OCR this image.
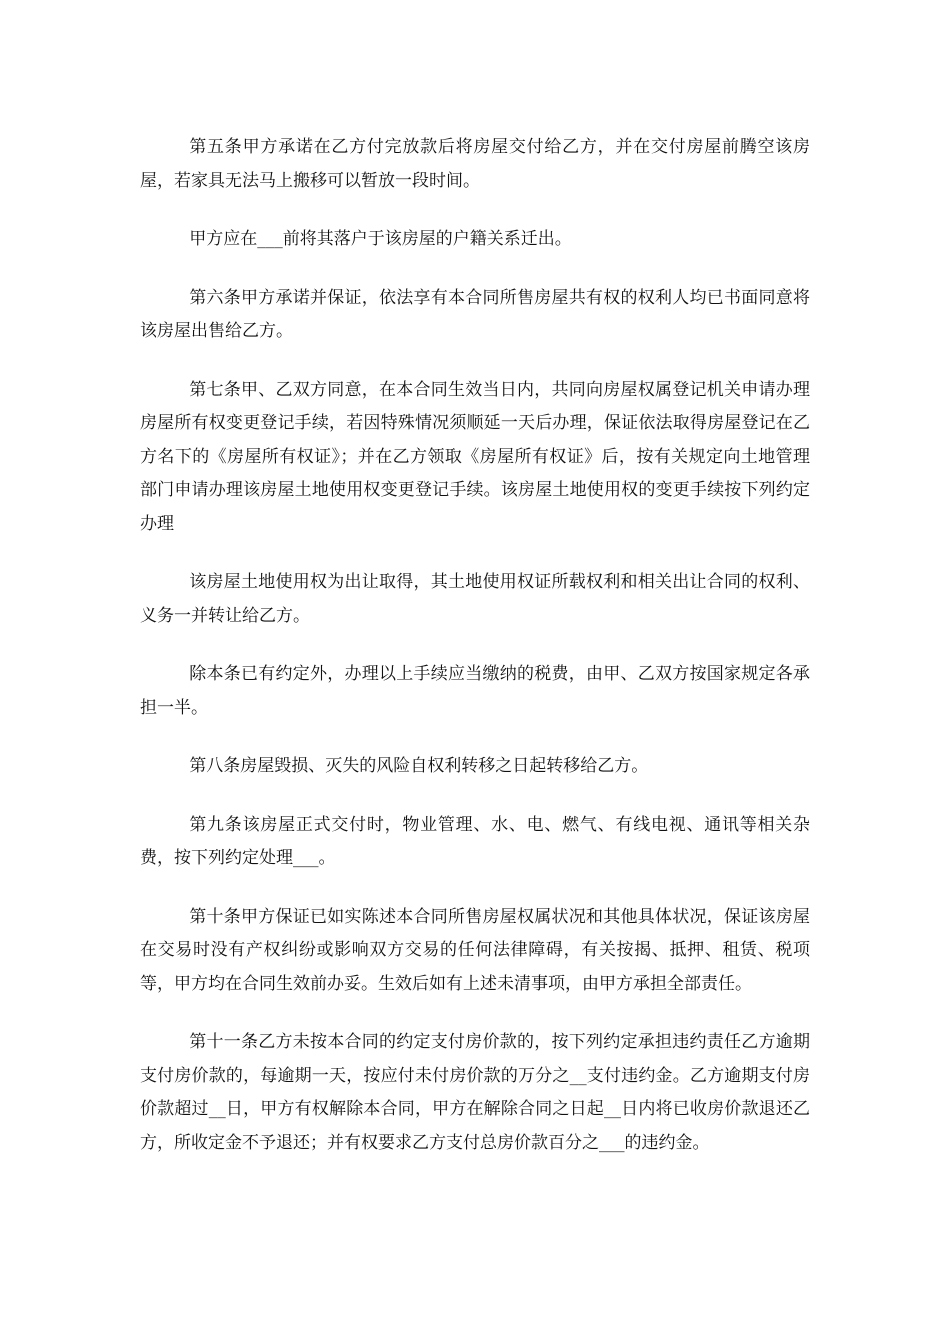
第五条甲方承诺在乙方付完放款后将房屋交付给乙方，并在交付房屋前腾空该房屋，若家具无法马上搬移可以暂放一段时间。

甲方应在___前将其落户于该房屋的户籍关系迁出。

第六条甲方承诺并保证，依法享有本合同所售房屋共有权的权利人均已书面同意将该房屋出售给乙方。

第七条甲、乙双方同意，在本合同生效当日内，共同向房屋权属登记机关申请办理房屋所有权变更登记手续，若因特殊情况须顺延一天后办理，保证依法取得房屋登记在乙方名下的《房屋所有权证》；并在乙方领取《房屋所有权证》后，按有关规定向土地管理部门申请办理该房屋土地使用权变更登记手续。该房屋土地使用权的变更手续按下列约定办理

该房屋土地使用权为出让取得，其土地使用权证所载权利和相关出让合同的权利、义务一并转让给乙方。

除本条已有约定外，办理以上手续应当缴纳的税费，由甲、乙双方按国家规定各承担一半。

第八条房屋毁损、灭失的风险自权利转移之日起转移给乙方。

第九条该房屋正式交付时，物业管理、水、电、燃气、有线电视、通讯等相关杂费，按下列约定处理___。

第十条甲方保证已如实陈述本合同所售房屋权属状况和其他具体状况，保证该房屋在交易时没有产权纠纷或影响双方交易的任何法律障碍，有关按揭、抵押、租赁、税项等，甲方均在合同生效前办妥。生效后如有上述未清事项，由甲方承担全部责任。

第十一条乙方未按本合同的约定支付房价款的，按下列约定承担违约责任乙方逾期支付房价款的，每逾期一天，按应付未付房价款的万分之__支付违约金。乙方逾期支付房价款超过__日，甲方有权解除本合同，甲方在解除合同之日起__日内将已收房价款退还乙方，所收定金不予退还；并有权要求乙方支付总房价款百分之___的违约金。
